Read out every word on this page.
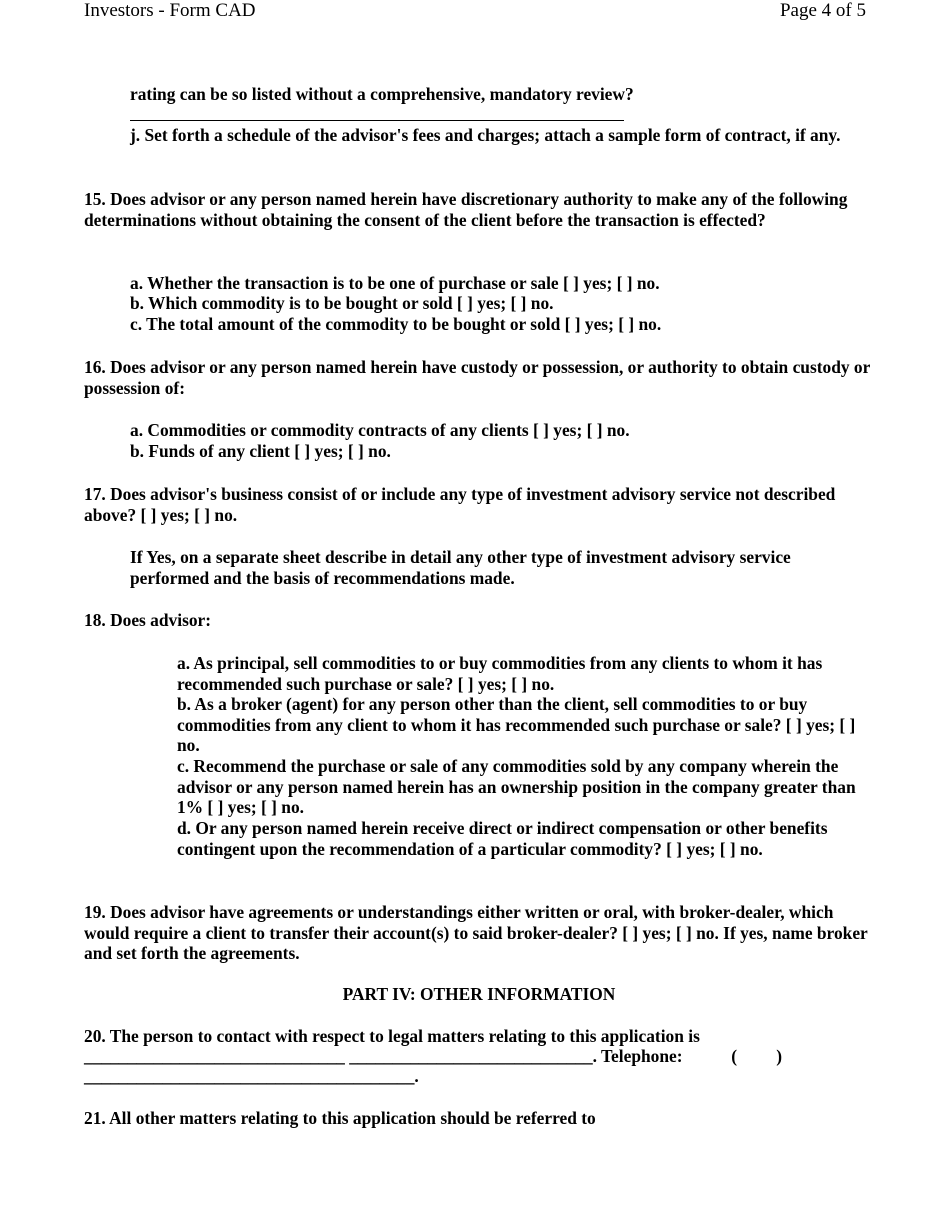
Investors - Form CAD	Page 4 of 5

rating can be so listed without a comprehensive, mandatory review?

j. Set forth a schedule of the advisor's fees and charges; attach a sample form of contract, if any.

15. Does advisor or any person named herein have discretionary authority to make any of the following determinations without obtaining the consent of the client before the transaction is effected?

a. Whether the transaction is to be one of purchase or sale [ ] yes; [ ] no.

b. Which commodity is to be bought or sold [ ] yes; [ ] no.

c. The total amount of the commodity to be bought or sold [ ] yes; [ ] no.

16. Does advisor or any person named herein have custody or possession, or authority to obtain custody or possession of:

a. Commodities or commodity contracts of any clients [ ] yes; [ ] no.

b. Funds of any client [ ] yes; [ ] no.

17. Does advisor's business consist of or include any type of investment advisory service not described above? [ ] yes; [ ] no.

If Yes, on a separate sheet describe in detail any other type of investment advisory service performed and the basis of recommendations made.

18. Does advisor:

a. As principal, sell commodities to or buy commodities from any clients to whom it has recommended such purchase or sale? [ ] yes; [ ] no.

b. As a broker (agent) for any person other than the client, sell commodities to or buy commodities from any client to whom it has recommended such purchase or sale? [ ] yes; [ ] no.

c. Recommend the purchase or sale of any commodities sold by any company wherein the advisor or any person named herein has an ownership position in the company greater than 1% [ ] yes; [ ] no.

d. Or any person named herein receive direct or indirect compensation or other benefits contingent upon the recommendation of a particular commodity? [ ] yes; [ ] no.

19. Does advisor have agreements or understandings either written or oral, with broker-dealer, which would require a client to transfer their account(s) to said broker-dealer? [ ] yes; [ ] no. If yes, name broker and set forth the agreements.

PART IV: OTHER INFORMATION

20. The person to contact with respect to legal matters relating to this application is

______________________________ ____________________________. Telephone:	(         )

______________________________________.

21. All other matters relating to this application should be referred to
